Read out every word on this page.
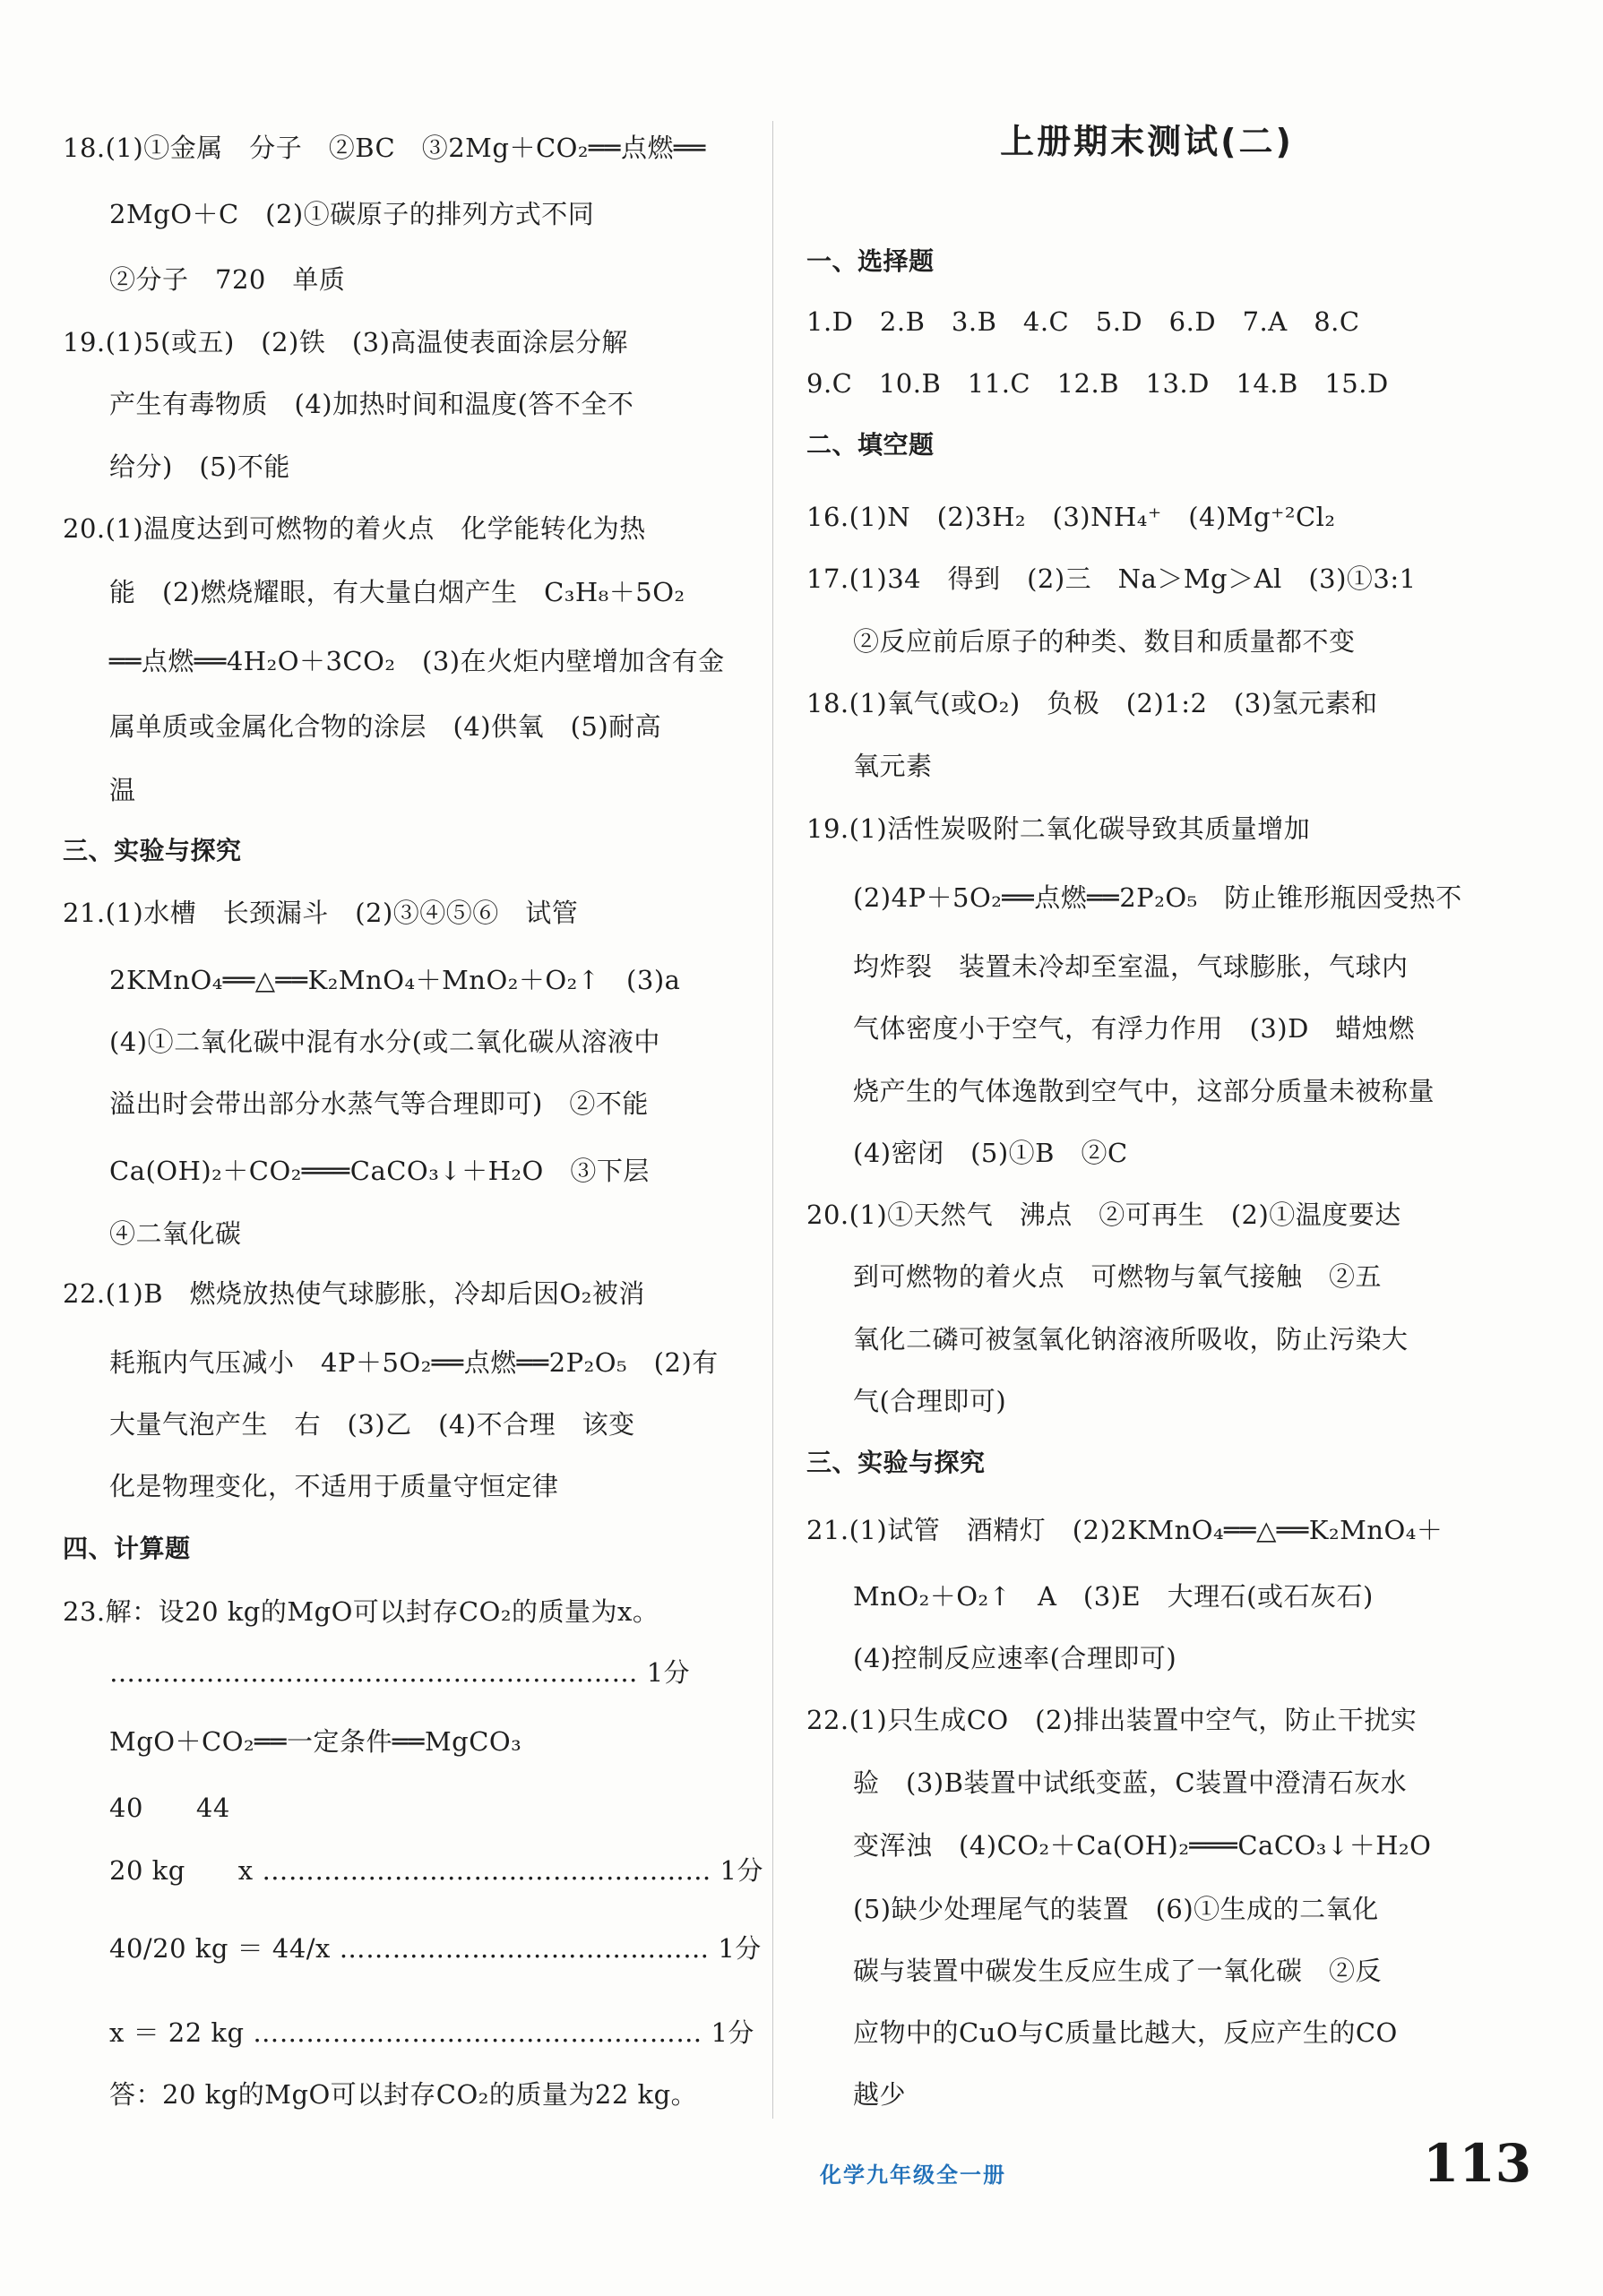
18.(1)①金属　分子　②BC　③2Mg＋CO₂══点燃══
2MgO＋C　(2)①碳原子的排列方式不同
②分子　720　单质
19.(1)5(或五)　(2)铁　(3)高温使表面涂层分解
产生有毒物质　(4)加热时间和温度(答不全不
给分)　(5)不能
20.(1)温度达到可燃物的着火点　化学能转化为热
能　(2)燃烧耀眼，有大量白烟产生　C₃H₈＋5O₂
══点燃══4H₂O＋3CO₂　(3)在火炬内壁增加含有金
属单质或金属化合物的涂层　(4)供氧　(5)耐高
温
三、实验与探究
21.(1)水槽　长颈漏斗　(2)③④⑤⑥　试管
2KMnO₄══△══K₂MnO₄＋MnO₂＋O₂↑　(3)a
(4)①二氧化碳中混有水分(或二氧化碳从溶液中
溢出时会带出部分水蒸气等合理即可)　②不能
Ca(OH)₂＋CO₂═══CaCO₃↓＋H₂O　③下层
④二氧化碳
22.(1)B　燃烧放热使气球膨胀，冷却后因O₂被消
耗瓶内气压减小　4P＋5O₂══点燃══2P₂O₅　(2)有
大量气泡产生　右　(3)乙　(4)不合理　该变
化是物理变化，不适用于质量守恒定律
四、计算题
23.解：设20 kg的MgO可以封存CO₂的质量为x。
…………………………………………………… 1分
MgO＋CO₂══一定条件══MgCO₃
40　　44
20 kg　　x …………………………………………… 1分
40/20 kg ＝ 44/x …………………………………… 1分
x ＝ 22 kg …………………………………………… 1分
答：20 kg的MgO可以封存CO₂的质量为22 kg。
上册期末测试(二)
一、选择题
1.D　2.B　3.B　4.C　5.D　6.D　7.A　8.C
9.C　10.B　11.C　12.B　13.D　14.B　15.D
二、填空题
16.(1)N　(2)3H₂　(3)NH₄⁺　(4)Mg⁺²Cl₂
17.(1)34　得到　(2)三　Na＞Mg＞Al　(3)①3:1
②反应前后原子的种类、数目和质量都不变
18.(1)氧气(或O₂)　负极　(2)1:2　(3)氢元素和
氧元素
19.(1)活性炭吸附二氧化碳导致其质量增加
(2)4P＋5O₂══点燃══2P₂O₅　防止锥形瓶因受热不
均炸裂　装置未冷却至室温，气球膨胀，气球内
气体密度小于空气，有浮力作用　(3)D　蜡烛燃
烧产生的气体逸散到空气中，这部分质量未被称量
(4)密闭　(5)①B　②C
20.(1)①天然气　沸点　②可再生　(2)①温度要达
到可燃物的着火点　可燃物与氧气接触　②五
氧化二磷可被氢氧化钠溶液所吸收，防止污染大
气(合理即可)
三、实验与探究
21.(1)试管　酒精灯　(2)2KMnO₄══△══K₂MnO₄＋
MnO₂＋O₂↑　A　(3)E　大理石(或石灰石)
(4)控制反应速率(合理即可)
22.(1)只生成CO　(2)排出装置中空气，防止干扰实
验　(3)B装置中试纸变蓝，C装置中澄清石灰水
变浑浊　(4)CO₂＋Ca(OH)₂═══CaCO₃↓＋H₂O
(5)缺少处理尾气的装置　(6)①生成的二氧化
碳与装置中碳发生反应生成了一氧化碳　②反
应物中的CuO与C质量比越大，反应产生的CO
越少
化学九年级全一册	113
